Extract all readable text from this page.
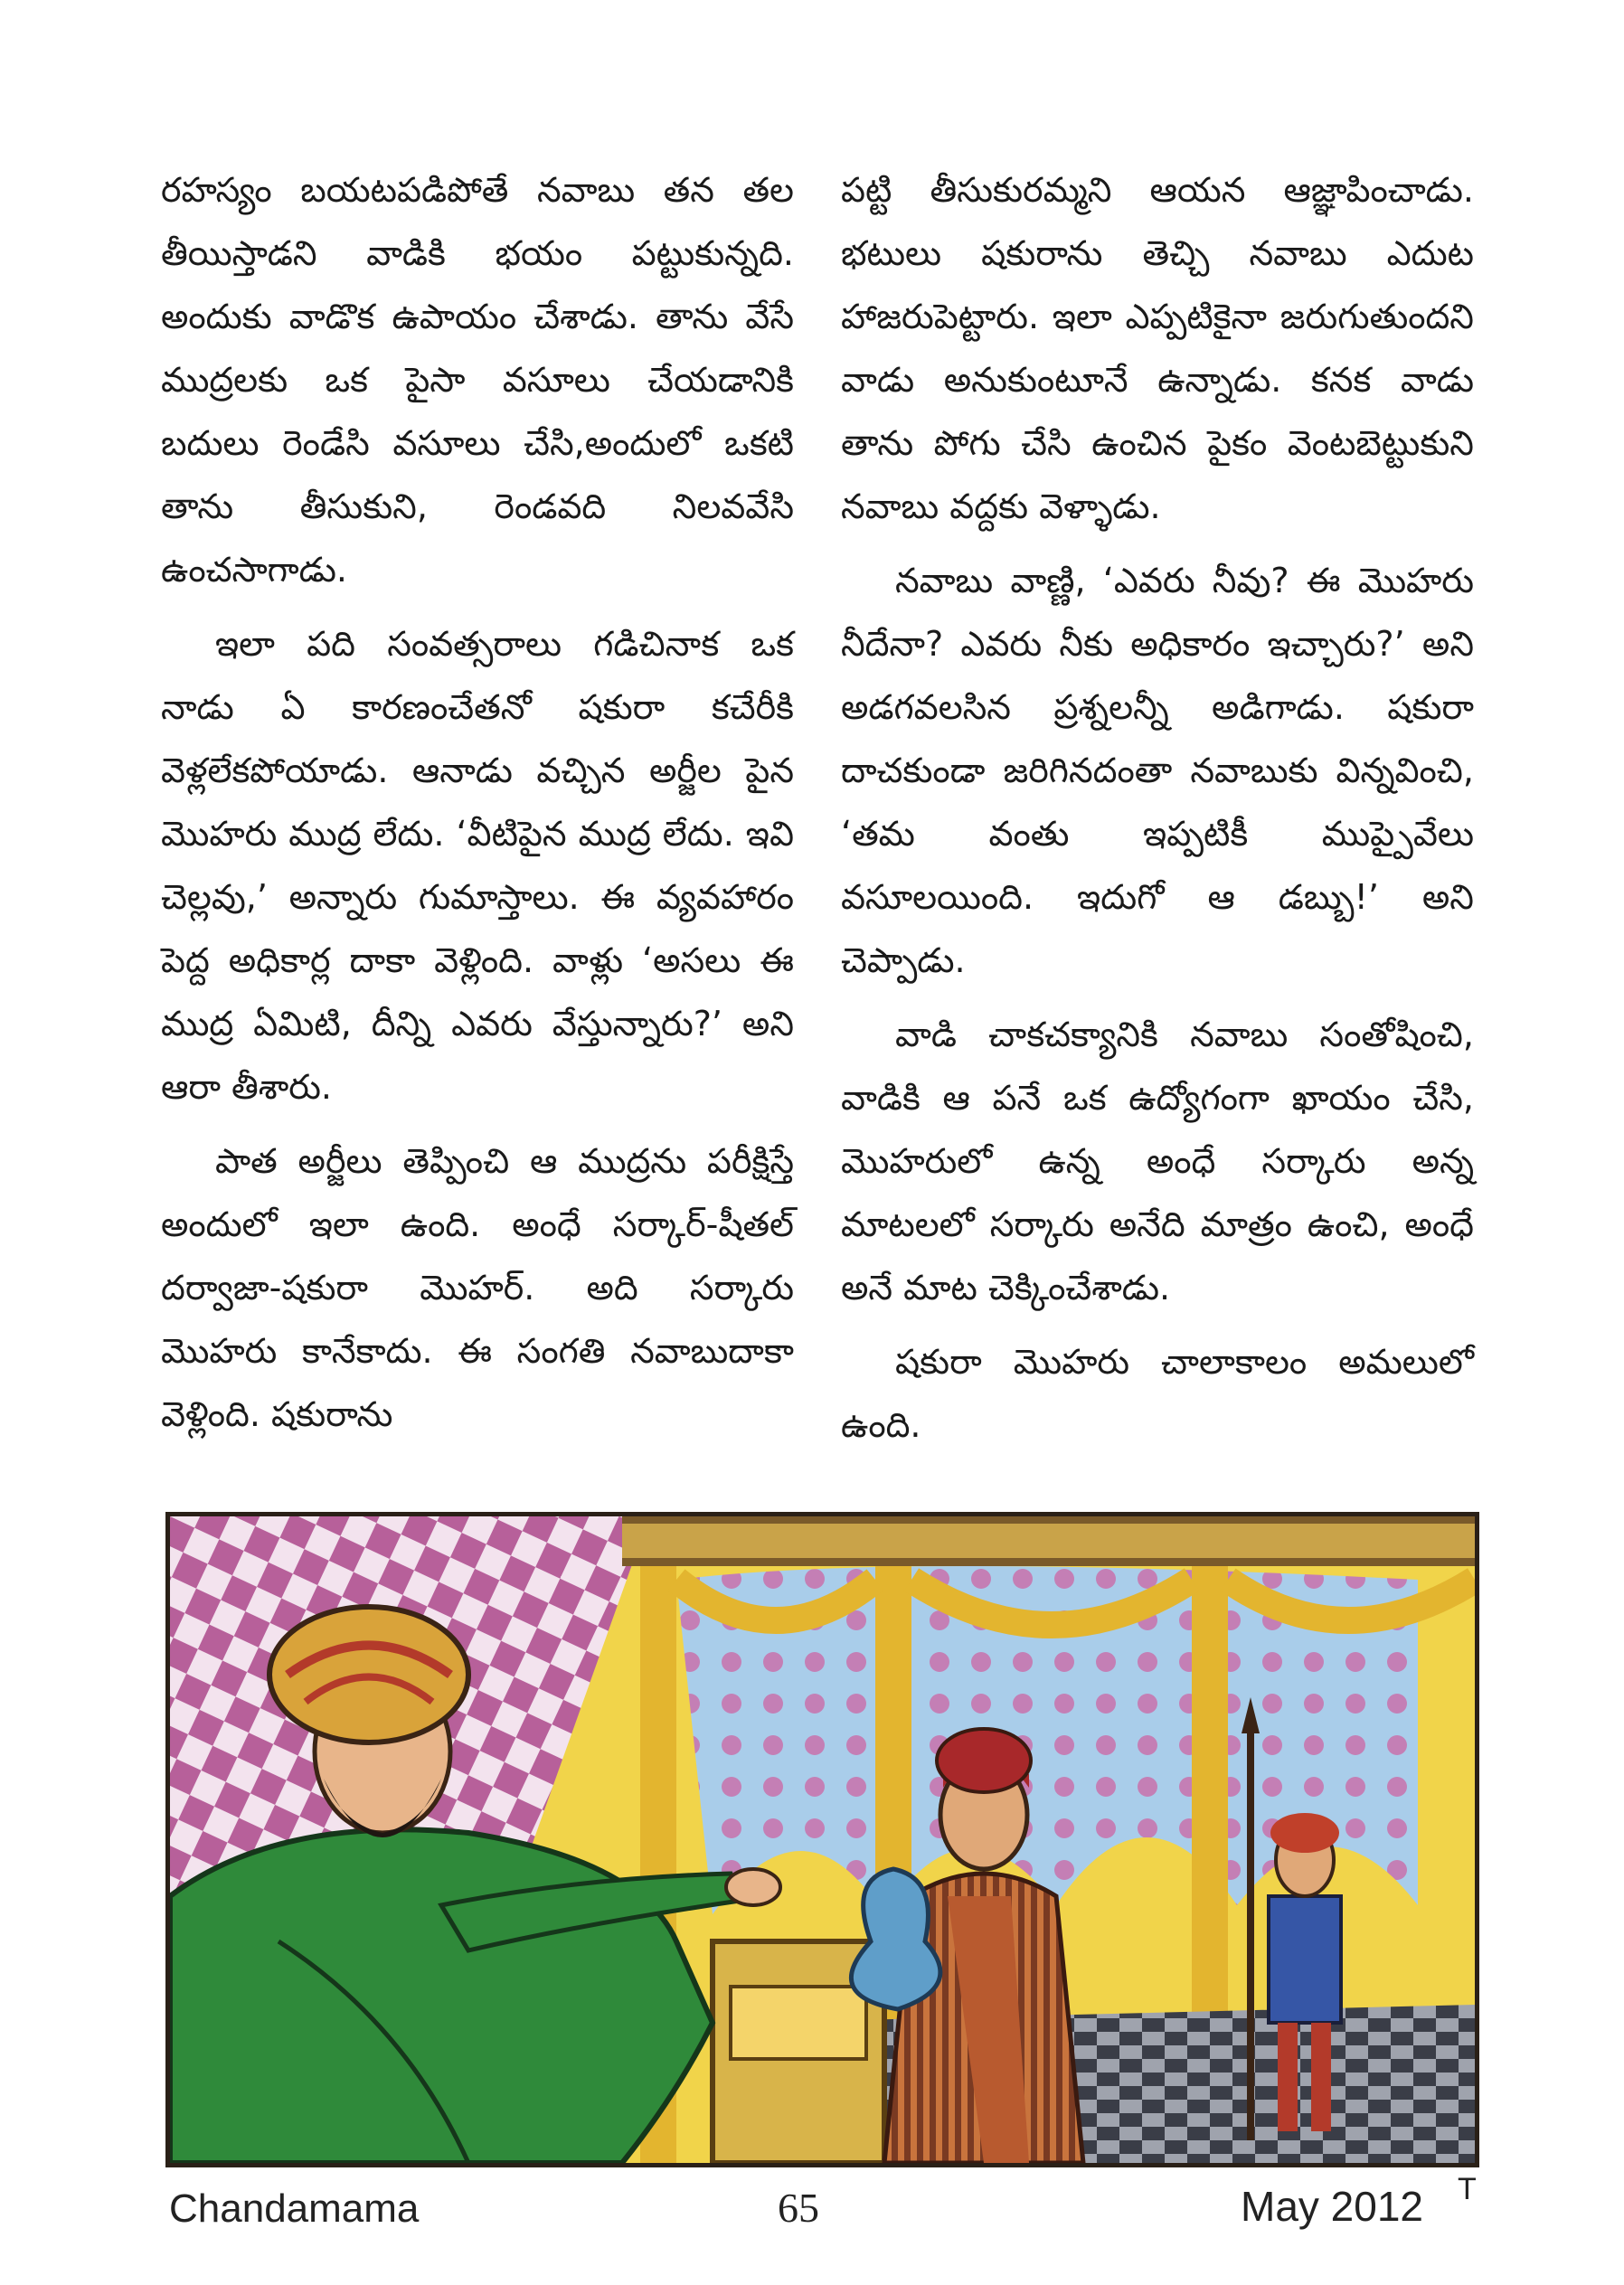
రహస్యం బయటపడిపోతే నవాబు తన తల తీయిస్తాడని వాడికి భయం పట్టుకున్నది. అందుకు వాడొక ఉపాయం చేశాడు. తాను వేసే ముద్రలకు ఒక పైసా వసూలు చేయడానికి బదులు రెండేసి వసూలు చేసి,అందులో ఒకటి తాను తీసుకుని, రెండవది నిలవవేసి ఉంచసాగాడు.

ఇలా పది సంవత్సరాలు గడిచినాక ఒక నాడు ఏ కారణంచేతనో షకురా కచేరీకి వెళ్లలేకపోయాడు. ఆనాడు వచ్చిన అర్జీల పైన మొహరు ముద్ర లేదు. ‘వీటిపైన ముద్ర లేదు. ఇవి చెల్లవు,’ అన్నారు గుమాస్తాలు. ఈ వ్యవహారం పెద్ద అధికార్ల దాకా వెళ్లింది. వాళ్లు ‘అసలు ఈ ముద్ర ఏమిటి, దీన్ని ఎవరు వేస్తున్నారు?’ అని ఆరా తీశారు.

పాత అర్జీలు తెప్పించి ఆ ముద్రను పరీక్షిస్తే అందులో ఇలా ఉంది. అంధే సర్కార్-షీతల్ దర్వాజా-షకురా మొహర్. అది సర్కారు మొహరు కానేకాదు. ఈ సంగతి నవాబుదాకా వెళ్లింది. షకురాను

పట్టి తీసుకురమ్మని ఆయన ఆజ్ఞాపించాడు. భటులు షకురాను తెచ్చి నవాబు ఎదుట హాజరుపెట్టారు. ఇలా ఎప్పటికైనా జరుగుతుందని వాడు అనుకుంటూనే ఉన్నాడు. కనక వాడు తాను పోగు చేసి ఉంచిన పైకం వెంటబెట్టుకుని నవాబు వద్దకు వెళ్ళాడు.

నవాబు వాణ్ణి, ‘ఎవరు నీవు? ఈ మొహరు నీదేనా? ఎవరు నీకు అధికారం ఇచ్చారు?’ అని అడగవలసిన ప్రశ్నలన్నీ అడిగాడు. షకురా దాచకుండా జరిగినదంతా నవాబుకు విన్నవించి, ‘తమ వంతు ఇప్పటికీ ముప్పైవేలు వసూలయింది. ఇదుగో ఆ డబ్బు!’ అని చెప్పాడు.

వాడి చాకచక్యానికి నవాబు సంతోషించి, వాడికి ఆ పనే ఒక ఉద్యోగంగా ఖాయం చేసి, మొహరులో ఉన్న అంధే సర్కారు అన్న మాటలలో సర్కారు అనేది మాత్రం ఉంచి, అంధే అనే మాట చెక్కించేశాడు.

షకురా మొహరు చాలాకాలం అమలులో ఉంది.

Chandamama	65	May 2012 T
